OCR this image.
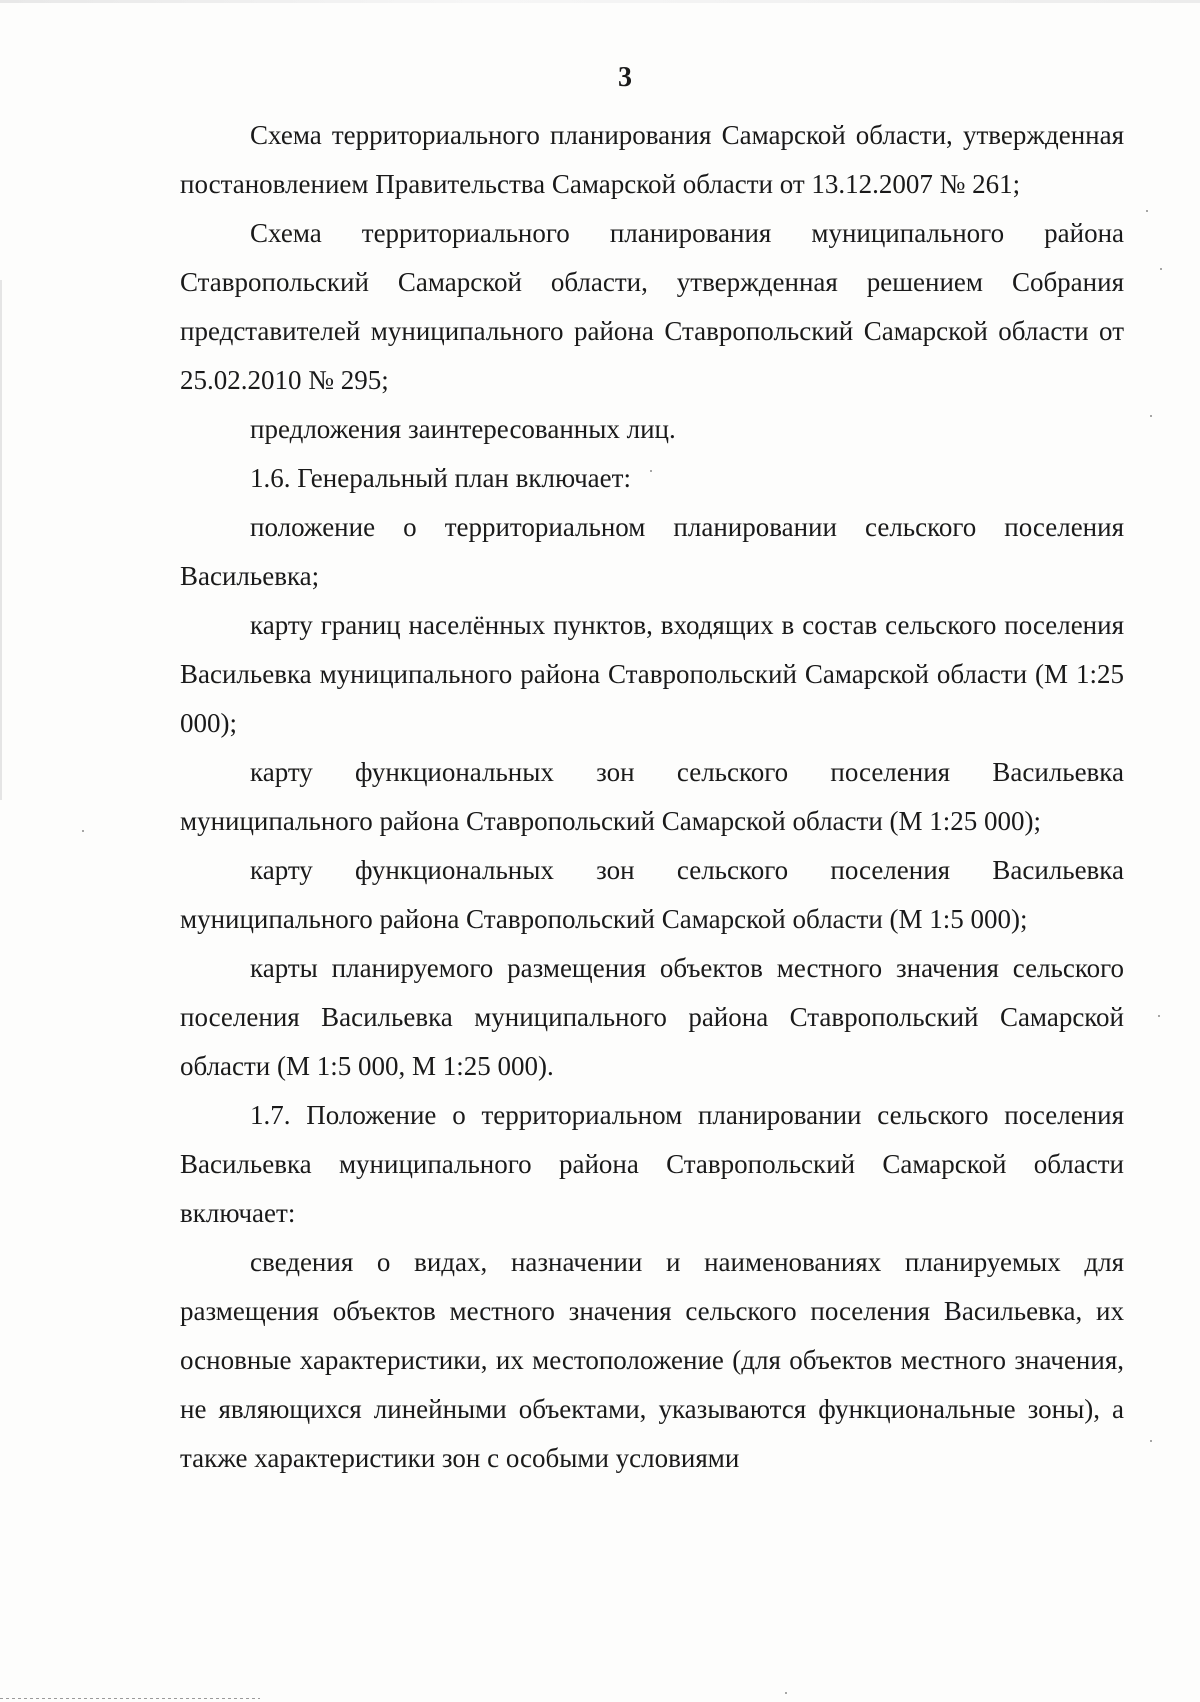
3

Схема территориального планирования Самарской области, утвержденная постановлением Правительства Самарской области от 13.12.2007 № 261;

Схема территориального планирования муниципального района Ставропольский Самарской области, утвержденная решением Собрания представителей муниципального района Ставропольский Самарской области от 25.02.2010 № 295;

предложения заинтересованных лиц.

1.6. Генеральный план включает:

положение о территориальном планировании сельского поселения Васильевка;

карту границ населённых пунктов, входящих в состав сельского поселения Васильевка муниципального района Ставропольский Самарской области (М 1:25 000);

карту функциональных зон сельского поселения Васильевка муниципального района Ставропольский Самарской области (М 1:25 000);

карту функциональных зон сельского поселения Васильевка муниципального района Ставропольский Самарской области (М 1:5 000);

карты планируемого размещения объектов местного значения сельского поселения Васильевка муниципального района Ставропольский Самарской области (М 1:5 000, М 1:25 000).

1.7. Положение о территориальном планировании сельского поселения Васильевка муниципального района Ставропольский Самарской области включает:

сведения о видах, назначении и наименованиях планируемых для размещения объектов местного значения сельского поселения Васильевка, их основные характеристики, их местоположение (для объектов местного значения, не являющихся линейными объектами, указываются функциональные зоны), а также характеристики зон с особыми условиями
